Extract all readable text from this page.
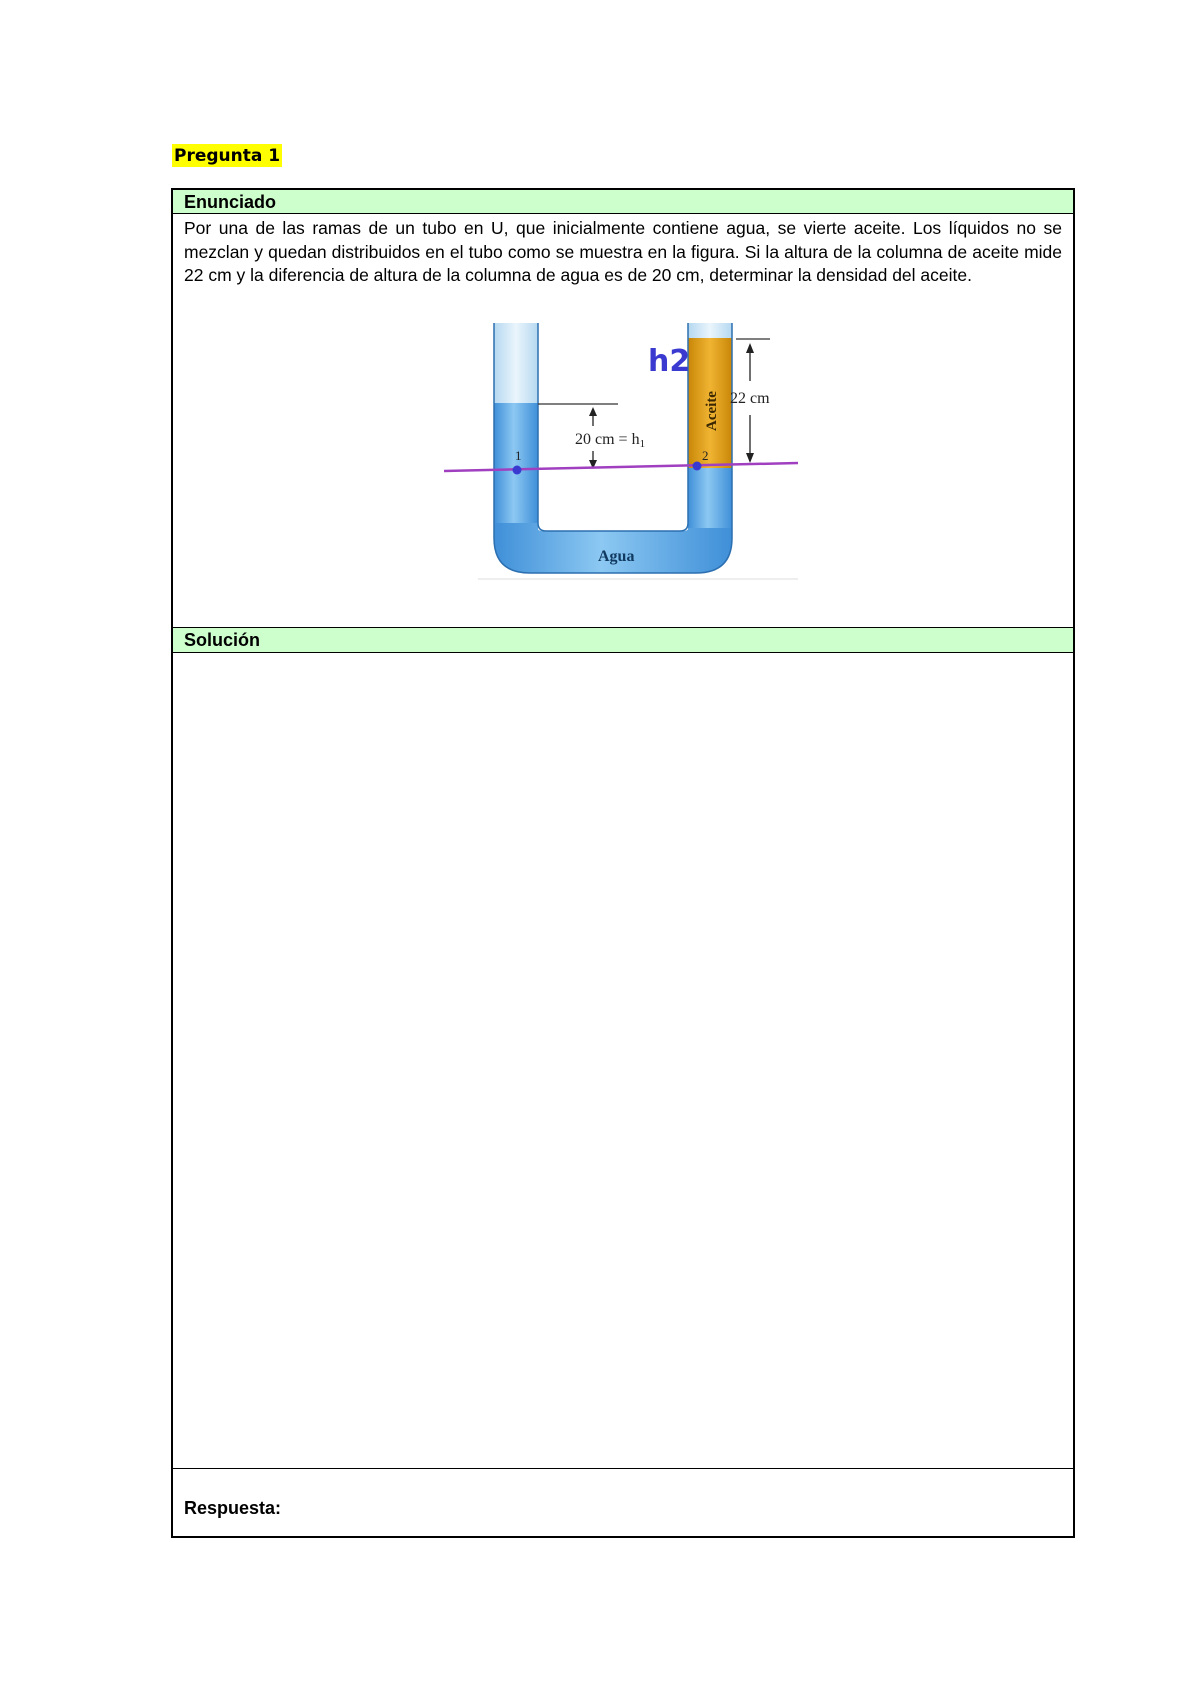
Pregunta 1
Enunciado
Por una de las ramas de un tubo en U, que inicialmente contiene agua, se vierte aceite. Los líquidos no se mezclan y quedan distribuidos en el tubo como se muestra en la figura. Si la altura de la columna de aceite mide 22 cm y la diferencia de altura de la columna de agua es de 20 cm, determinar la densidad del aceite.
20 cm = h1
22 cm
Aceite
h2
1	2
Agua
Solución
Respuesta:
